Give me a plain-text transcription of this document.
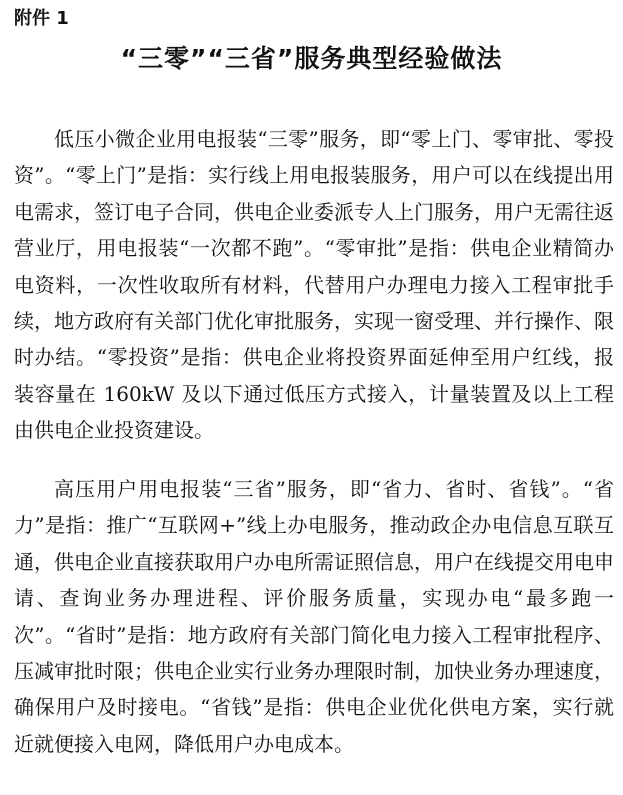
附件 1
“三零”“三省”服务典型经验做法

低压小微企业用电报装“三零”服务，即“零上门、零审批、零投资”。“零上门”是指：实行线上用电报装服务，用户可以在线提出用电需求，签订电子合同，供电企业委派专人上门服务，用户无需往返营业厅，用电报装“一次都不跑”。“零审批”是指：供电企业精简办电资料，一次性收取所有材料，代替用户办理电力接入工程审批手续，地方政府有关部门优化审批服务，实现一窗受理、并行操作、限时办结。“零投资”是指：供电企业将投资界面延伸至用户红线，报装容量在 160kW 及以下通过低压方式接入，计量装置及以上工程由供电企业投资建设。

高压用户用电报装“三省”服务，即“省力、省时、省钱”。“省力”是指：推广“互联网+”线上办电服务，推动政企办电信息互联互通，供电企业直接获取用户办电所需证照信息，用户在线提交用电申请、查询业务办理进程、评价服务质量，实现办电“最多跑一次”。“省时”是指：地方政府有关部门简化电力接入工程审批程序、压减审批时限；供电企业实行业务办理限时制，加快业务办理速度，确保用户及时接电。“省钱”是指：供电企业优化供电方案，实行就近就便接入电网，降低用户办电成本。
